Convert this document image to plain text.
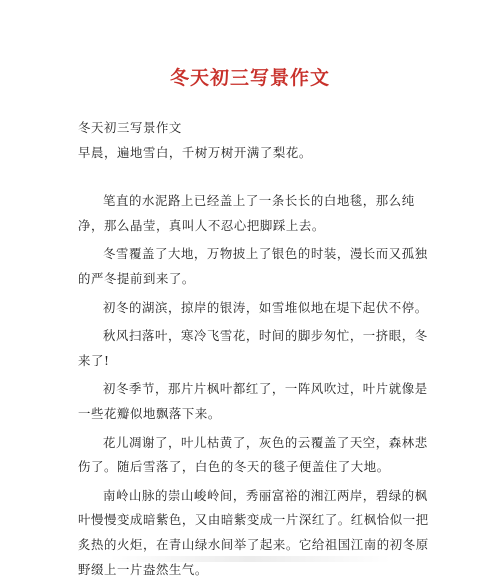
冬天初三写景作文

冬天初三写景作文

早晨，遍地雪白，千树万树开满了梨花。

笔直的水泥路上已经盖上了一条长长的白地毯，那么纯净，那么晶莹，真叫人不忍心把脚踩上去。

冬雪覆盖了大地，万物披上了银色的时装，漫长而又孤独的严冬提前到来了。

初冬的湖滨，掠岸的银涛，如雪堆似地在堤下起伏不停。

秋风扫落叶，寒冷飞雪花，时间的脚步匆忙，一挤眼，冬来了!

初冬季节，那片片枫叶都红了，一阵风吹过，叶片就像是一些花瓣似地飘落下来。

花儿凋谢了，叶儿枯黄了，灰色的云覆盖了天空，森林悲伤了。随后雪落了，白色的冬天的毯子便盖住了大地。

南岭山脉的崇山峻岭间，秀丽富裕的湘江两岸，碧绿的枫叶慢慢变成暗紫色，又由暗紫变成一片深红了。红枫恰似一把炙热的火炬，在青山绿水间举了起来。它给祖国江南的初冬原野缀上一片盎然生气。
